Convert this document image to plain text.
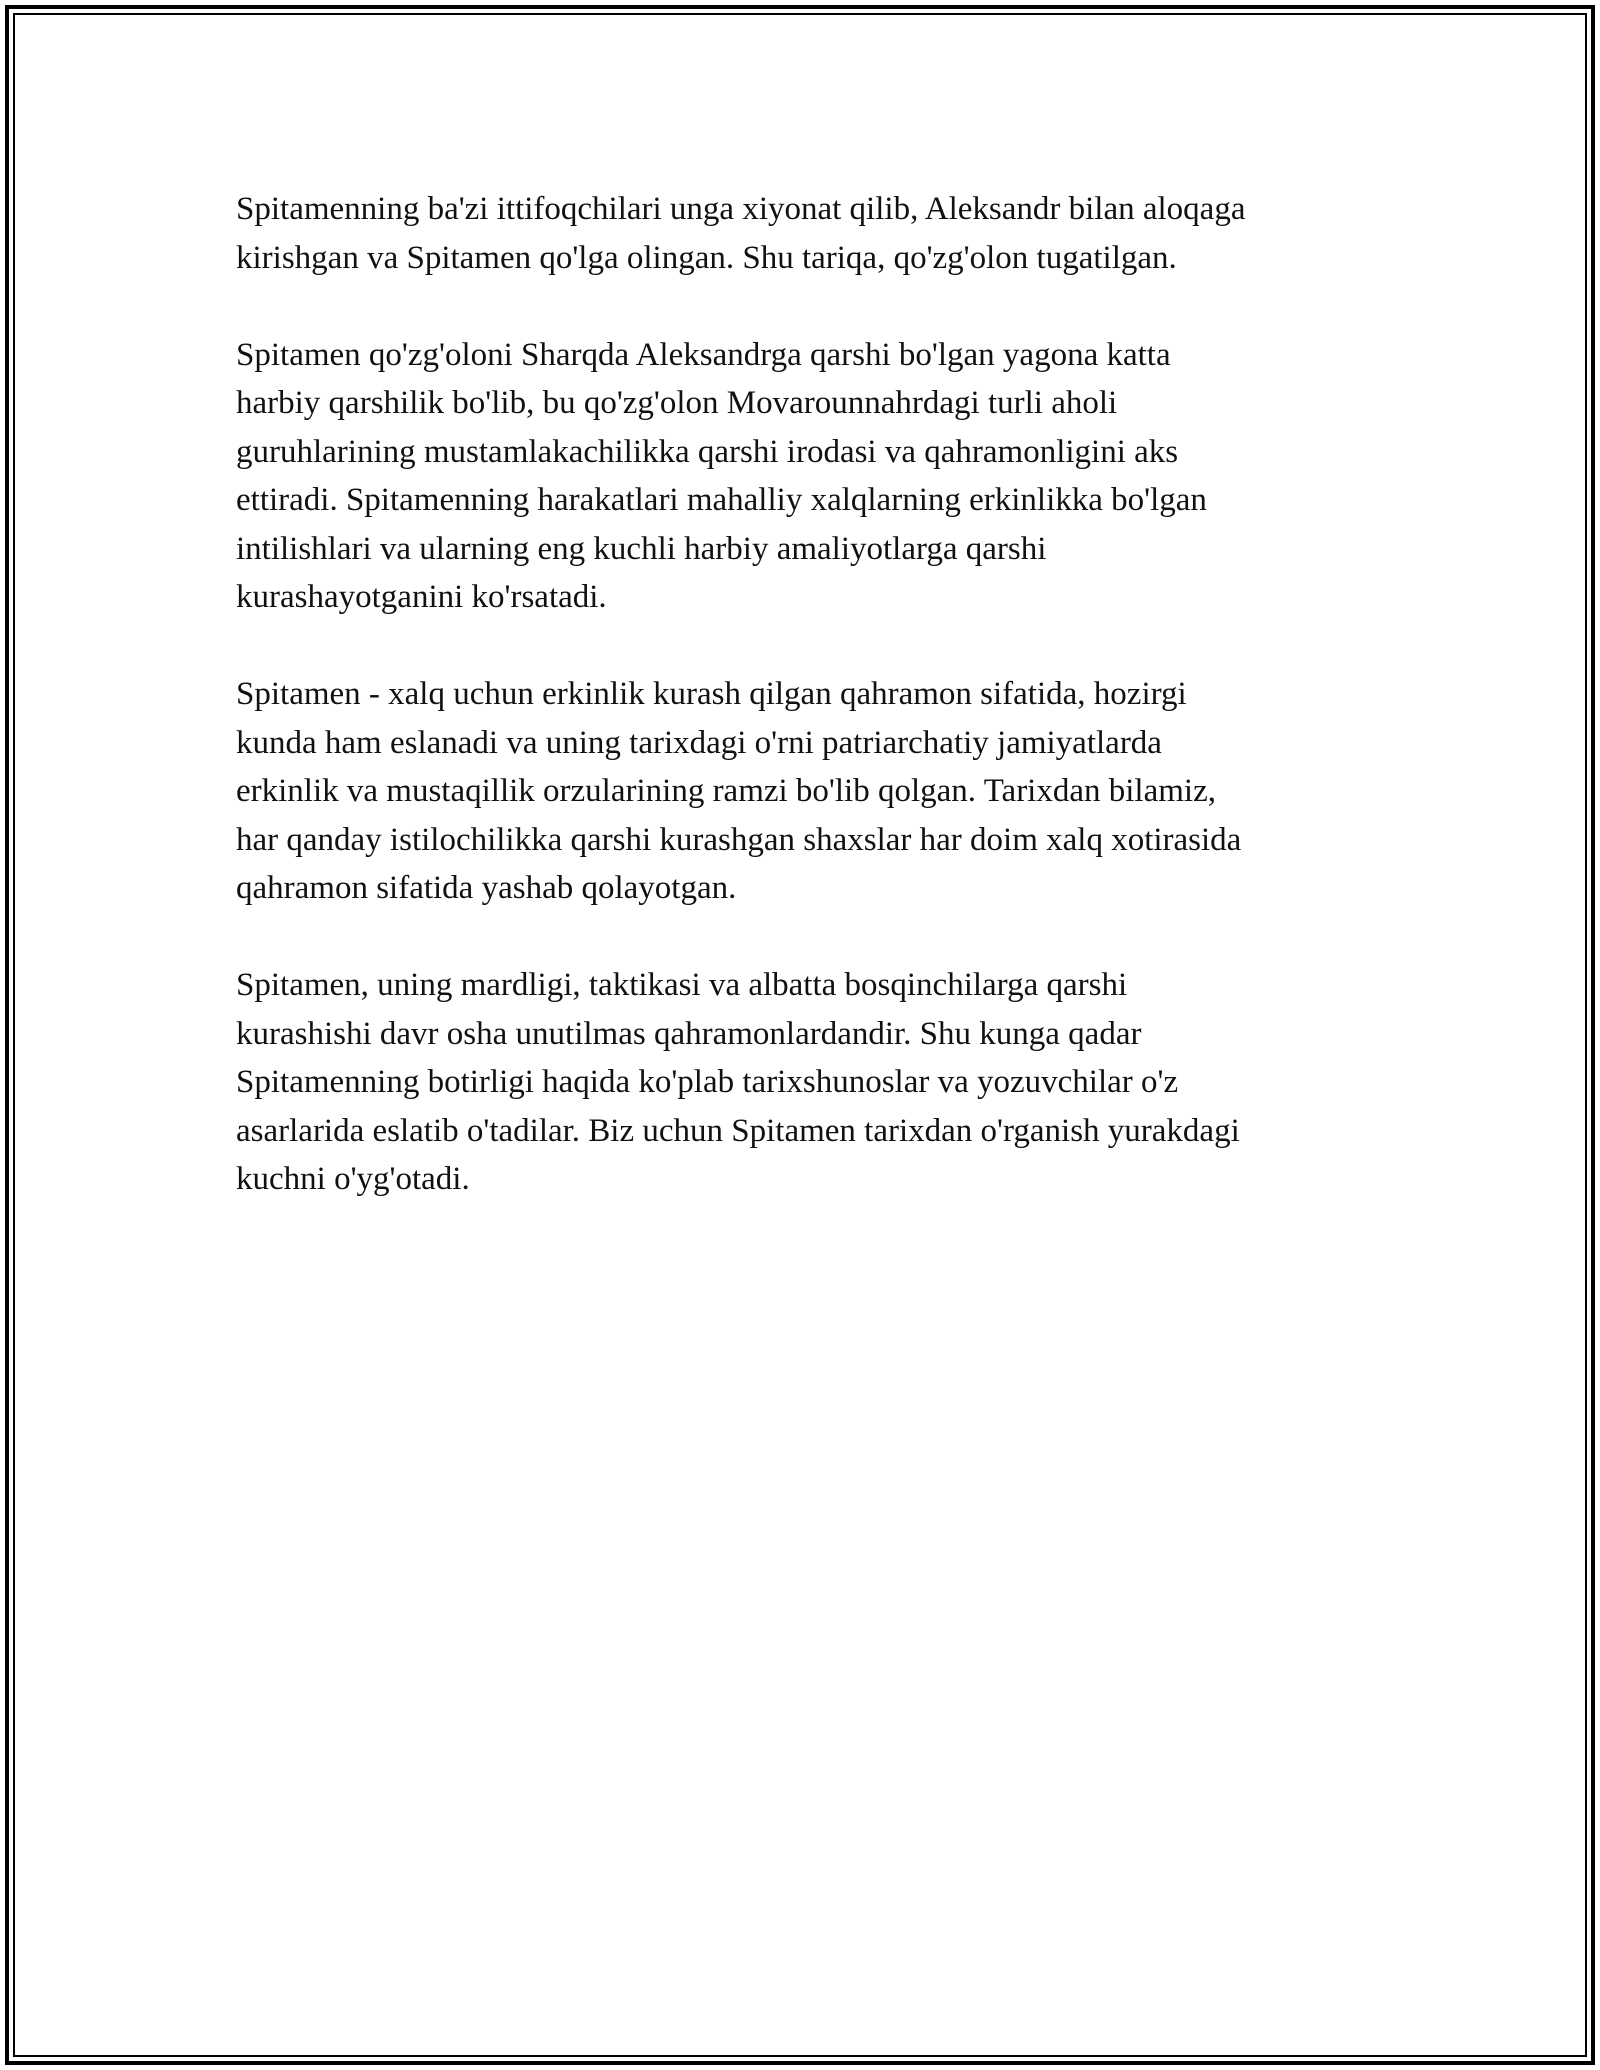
Spitamenning ba'zi ittifoqchilari unga xiyonat qilib, Aleksandr bilan aloqaga
kirishgan va Spitamen qo'lga olingan. Shu tariqa, qo'zg'olon tugatilgan.

Spitamen qo'zg'oloni Sharqda Aleksandrga qarshi bo'lgan yagona katta
harbiy qarshilik bo'lib, bu qo'zg'olon Movarounnahrdagi turli aholi
guruhlarining mustamlakachilikka qarshi irodasi va qahramonligini aks
ettiradi. Spitamenning harakatlari mahalliy xalqlarning erkinlikka bo'lgan
intilishlari va ularning eng kuchli harbiy amaliyotlarga qarshi
kurashayotganini ko'rsatadi.

Spitamen - xalq uchun erkinlik kurash qilgan qahramon sifatida, hozirgi
kunda ham eslanadi va uning tarixdagi o'rni patriarchatiy jamiyatlarda
erkinlik va mustaqillik orzularining ramzi bo'lib qolgan. Tarixdan bilamiz,
har qanday istilochilikka qarshi kurashgan shaxslar har doim xalq xotirasida
qahramon sifatida yashab qolayotgan.

Spitamen, uning mardligi, taktikasi va albatta bosqinchilarga qarshi
kurashishi davr osha unutilmas qahramonlardandir. Shu kunga qadar
Spitamenning botirligi haqida ko'plab tarixshunoslar va yozuvchilar o'z
asarlarida eslatib o'tadilar. Biz uchun Spitamen tarixdan o'rganish yurakdagi
kuchni o'yg'otadi.
